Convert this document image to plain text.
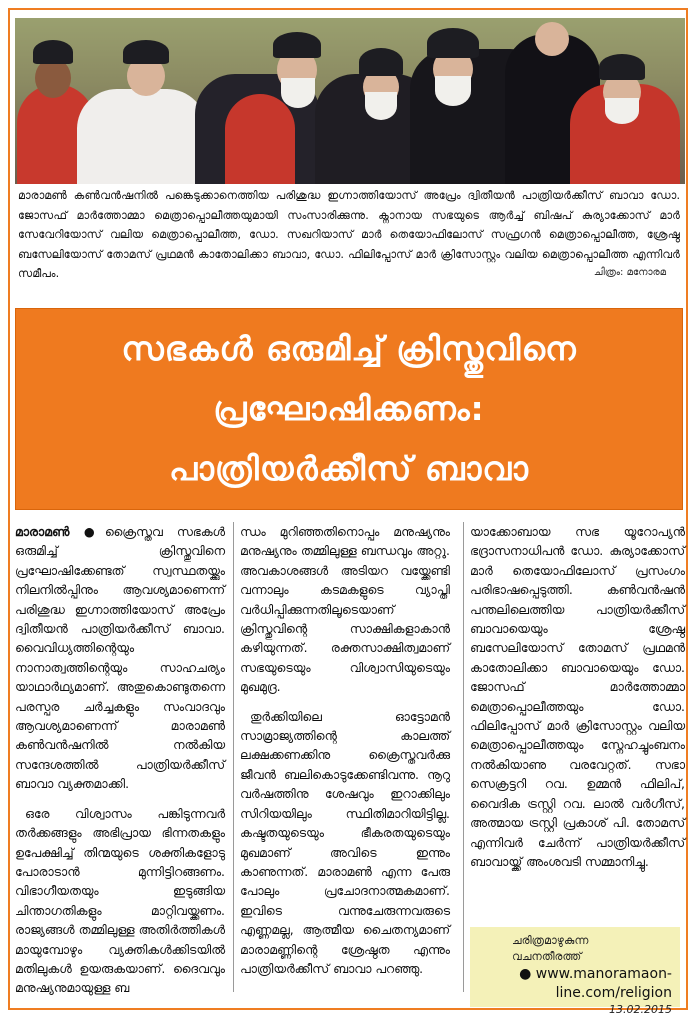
മാരാമൺ കൺവൻഷനിൽ പങ്കെടുക്കാനെത്തിയ പരിശുദ്ധ ഇഗ്നാത്തിയോസ് അപ്രേം ദ്വിതീയൻ പാത്രിയർക്കീസ് ബാവാ ഡോ. ജോസഫ് മാർത്തോമ്മാ മെത്രാപ്പൊലീത്തയുമായി സംസാരിക്കുന്നു. ക്നാനായ സഭയുടെ ആർച്ച് ബിഷപ് കുര്യാക്കോസ് മാർ സേവേറിയോസ് വലിയ മെത്രാപ്പൊലീത്ത, ഡോ. സഖറിയാസ് മാർ തെയോഫിലോസ് സഫ്രഗൻ മെത്രാപ്പൊലീത്ത, ശ്രേഷ്ഠ ബസേലിയോസ് തോമസ് പ്രഥമൻ കാതോലിക്കാ ബാവാ, ഡോ. ഫിലിപ്പോസ് മാർ ക്രിസോസ്റ്റം വലിയ മെത്രാപ്പൊലീത്ത എന്നിവർ സമീപം.	ചിത്രം: മനോരമ
സഭകൾ ഒരുമിച്ച് ക്രിസ്തുവിനെ
പ്രഘോഷിക്കണം:
പാത്രിയർക്കീസ് ബാവാ

മാരാമൺ ●ക്രൈസ്തവ സഭകൾ ഒരുമിച്ച് ക്രിസ്തുവിനെ പ്രഘോഷിക്കേണ്ടത് സ്വസ്ഥതയ്ക്കും നിലനിൽപ്പിനും ആവശ്യമാണെന്ന് പരിശുദ്ധ ഇഗ്നാത്തിയോസ് അപ്രേം ദ്വിതീയൻ പാത്രിയർക്കീസ് ബാവാ. വൈവിധ്യത്തിന്റെയും നാനാത്വത്തിന്റെയും സാഹചര്യം യാഥാർഥ്യമാണ്. അതുകൊണ്ടുതന്നെ പരസ്പര ചർച്ചകളും സംവാദവും ആവശ്യമാണെന്ന് മാരാമൺ കൺവൻഷനിൽ നൽകിയ സന്ദേശത്തിൽ പാത്രിയർക്കീസ് ബാവാ വ്യക്തമാക്കി.

ഒരേ വിശ്വാസം പങ്കിടുന്നവർ തർക്കങ്ങളും അഭിപ്രായ ഭിന്നതകളും ഉപേക്ഷിച്ച് തിന്മയുടെ ശക്തികളോടു പോരാടാൻ മുന്നിട്ടിറങ്ങണം. വിഭാഗീയതയും ഇടുങ്ങിയ ചിന്താഗതികളും മാറ്റിവയ്ക്കണം. രാജ്യങ്ങൾ തമ്മിലുള്ള അതിർത്തികൾ മായുമ്പോഴും വ്യക്തികൾക്കിടയിൽ മതിലുകൾ ഉയരുകയാണ്. ദൈവവും മനുഷ്യനുമായുള്ള ബ

ന്ധം മുറിഞ്ഞതിനൊപ്പം മനുഷ്യനും മനുഷ്യനും തമ്മിലുള്ള ബന്ധവും അറ്റു. അവകാശങ്ങൾ അടിയറ വയ്ക്കേണ്ടി വന്നാലും കടമകളുടെ വ്യാപ്തി വർധിപ്പിക്കുന്നതിലൂടെയാണ് ക്രിസ്തുവിന്റെ സാക്ഷികളാകാൻ കഴിയുന്നത്. രക്തസാക്ഷിത്വമാണ് സഭയുടെയും വിശ്വാസിയുടെയും മുഖമുദ്ര.

തുർക്കിയിലെ ഓട്ടോമൻ സാമ്രാജ്യത്തിന്റെ കാലത്ത് ലക്ഷക്കണക്കിനു ക്രൈസ്തവർക്കു ജീവൻ ബലികൊടുക്കേണ്ടിവന്നു. നൂറു വർഷത്തിനു ശേഷവും ഇറാക്കിലും സിറിയയിലും സ്ഥിതിമാറിയിട്ടില്ല. കഷ്ടതയുടെയും ഭീകരതയുടെയും മുഖമാണ് അവിടെ ഇന്നും കാണുന്നത്. മാരാമൺ എന്ന പേരു പോലും പ്രചോദനാത്മകമാണ്. ഇവിടെ വന്നുചേരുന്നവരുടെ എണ്ണമല്ല, ആത്മീയ ചൈതന്യമാണ് മാരാമണ്ണിന്റെ ശ്രേഷ്ഠത എന്നും പാത്രിയർക്കീസ് ബാവാ പറഞ്ഞു.

യാക്കോബായ സഭ യൂറോപ്യൻ ഭദ്രാസനാധിപൻ ഡോ. കുര്യാക്കോസ് മാർ തെയോഫിലോസ് പ്രസംഗം പരിഭാഷപ്പെടുത്തി. കൺവൻഷൻ പന്തലിലെത്തിയ പാത്രിയർക്കീസ് ബാവായെയും ശ്രേഷ്ഠ ബസേലിയോസ് തോമസ് പ്രഥമൻ കാതോലിക്കാ ബാവായെയും ഡോ. ജോസഫ് മാർത്തോമ്മാ മെത്രാപ്പൊലീത്തയും ഡോ. ഫിലിപ്പോസ് മാർ ക്രിസോസ്റ്റം വലിയ മെത്രാപ്പൊലീത്തയും സ്നേഹച്ചുംബനം നൽകിയാണു വരവേറ്റത്. സഭാ സെക്രട്ടറി റവ. ഉമ്മൻ ഫിലിപ്, വൈദിക ട്രസ്റ്റി റവ. ലാൽ വർഗീസ്, അത്മായ ട്രസ്റ്റി പ്രകാശ് പി. തോമസ് എന്നിവർ ചേർന്ന് പാത്രിയർക്കീസ് ബാവായ്ക്ക് അംശവടി സമ്മാനിച്ചു.

ചരിത്രമാഴുകുന്ന
വചനതീരത്ത്
● www.manoramaon-
line.com/religion
13.02.2015
